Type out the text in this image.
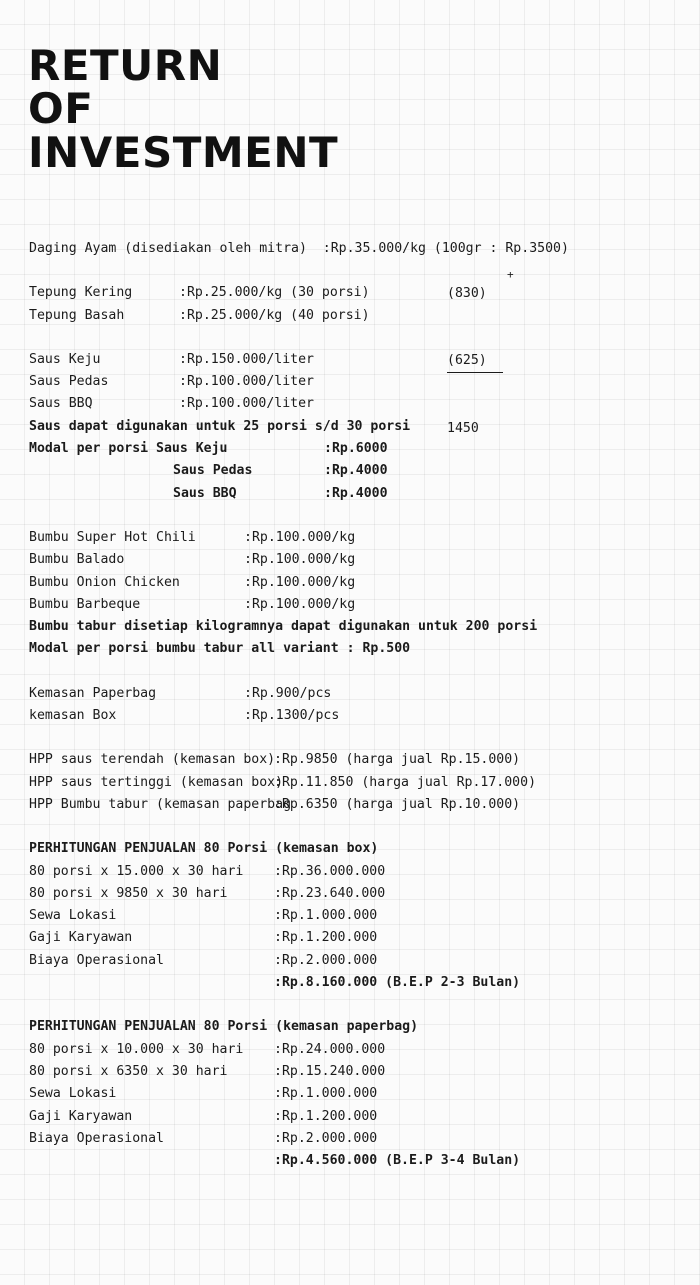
RETURN
OF
INVESTMENT
Daging Ayam (disediakan oleh mitra)  :Rp.35.000/kg (100gr : Rp.3500)
Tepung Kering	:Rp.25.000/kg (30 porsi)
Tepung Basah	:Rp.25.000/kg (40 porsi)

(830)

(625)

1450

+

Saus Keju	:Rp.150.000/liter
Saus Pedas	:Rp.100.000/liter
Saus BBQ	:Rp.100.000/liter
Saus dapat digunakan untuk 25 porsi s/d 30 porsi
Modal per porsi Saus Keju	:Rp.6000
Saus Pedas	:Rp.4000
Saus BBQ	:Rp.4000
Bumbu Super Hot Chili	:Rp.100.000/kg
Bumbu Balado	:Rp.100.000/kg
Bumbu Onion Chicken	:Rp.100.000/kg
Bumbu Barbeque	:Rp.100.000/kg
Bumbu tabur disetiap kilogramnya dapat digunakan untuk 200 porsi
Modal per porsi bumbu tabur all variant : Rp.500
Kemasan Paperbag	:Rp.900/pcs
kemasan Box	:Rp.1300/pcs
HPP saus terendah (kemasan box):Rp.9850 (harga jual Rp.15.000)
HPP saus tertinggi (kemasan box):Rp.11.850 (harga jual Rp.17.000)
HPP Bumbu tabur (kemasan paperbag:Rp.6350 (harga jual Rp.10.000)
PERHITUNGAN PENJUALAN 80 Porsi (kemasan box)
80 porsi x 15.000 x 30 hari :Rp.36.000.000
80 porsi x 9850 x 30 hari	:Rp.23.640.000
Sewa Lokasi	:Rp.1.000.000
Gaji Karyawan	:Rp.1.200.000
Biaya Operasional	:Rp.2.000.000
:Rp.8.160.000 (B.E.P 2-3 Bulan)
PERHITUNGAN PENJUALAN 80 Porsi (kemasan paperbag)
80 porsi x 10.000 x 30 hari :Rp.24.000.000
80 porsi x 6350 x 30 hari	:Rp.15.240.000
Sewa Lokasi	:Rp.1.000.000
Gaji Karyawan	:Rp.1.200.000
Biaya Operasional	:Rp.2.000.000
:Rp.4.560.000 (B.E.P 3-4 Bulan)
